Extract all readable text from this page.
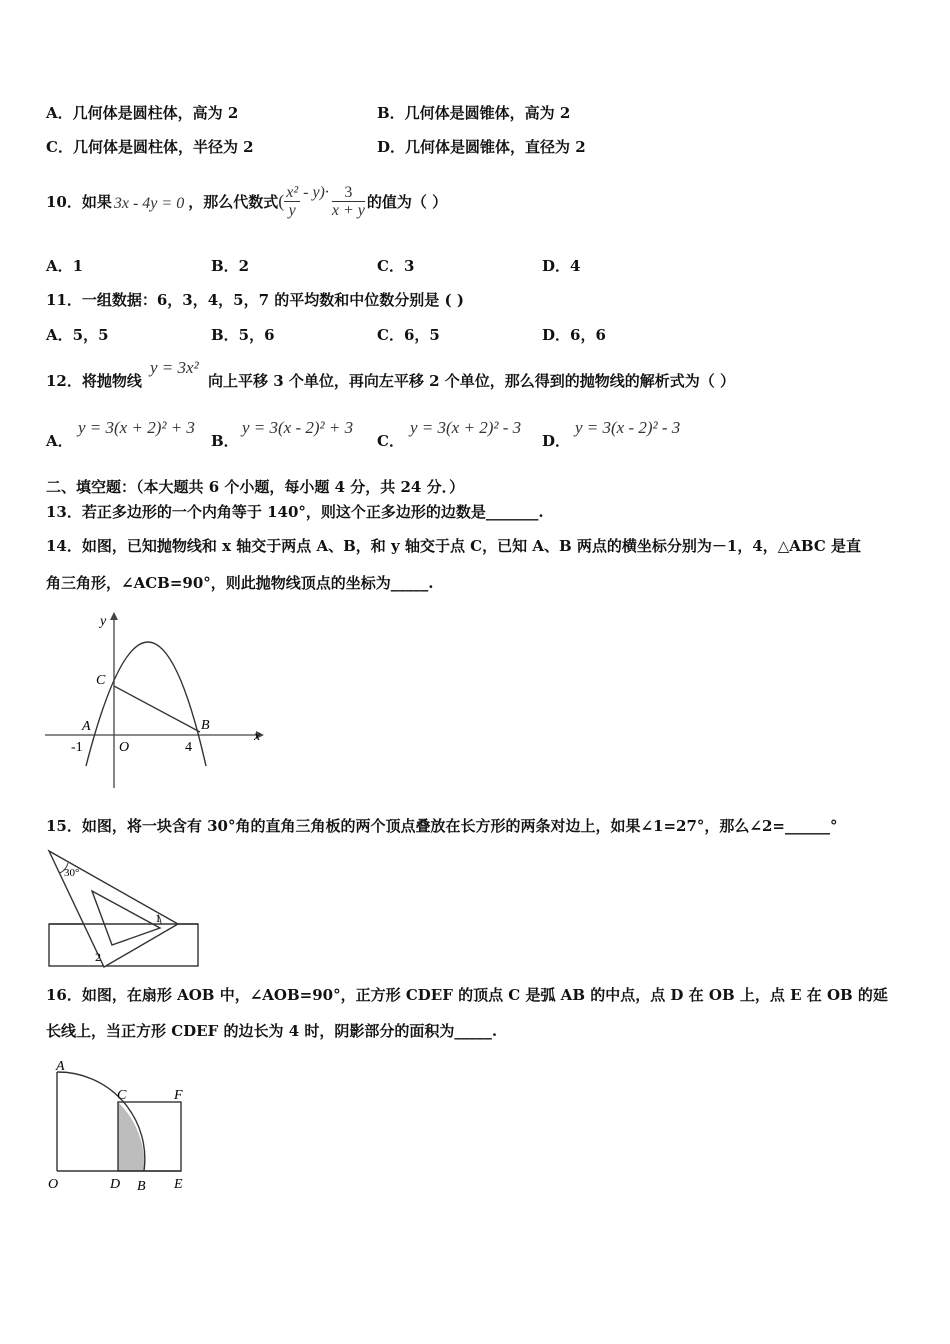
A．几何体是圆柱体，高为 2	B．几何体是圆锥体，高为 2
C．几何体是圆柱体，半径为 2	D．几何体是圆锥体，直径为 2
10．如果 3x - 4y = 0 ，那么代数式 ( $\frac{\text{x²}}{y} - y)\cdot \frac{3}{x + y}$ 的值为（ ）
A．1	B．2	C．3	D．4
11．一组数据：6，3，4，5，7 的平均数和中位数分别是 ( )
A．5，5	B．5，6	C．6，5	D．6，6
12．将抛物线
y = 3x²
向上平移 3 个单位，再向左平移 2 个单位，那么得到的抛物线的解析式为（ ）
A．
y = 3(x + 2)² + 3
B．
y = 3(x - 2)² + 3
C．
y = 3(x + 2)² - 3
D．
y = 3(x - 2)² - 3
二、填空题：（本大题共 6 个小题，每小题 4 分，共 24 分．）
13．若正多边形的一个内角等于 140°，则这个正多边形的边数是_______.
14．如图，已知抛物线和 x 轴交于两点 A、B，和 y 轴交于点 C，已知 A、B 两点的横坐标分别为－1，4，△ABC 是直
角三角形，∠ACB=90°，则此抛物线顶点的坐标为_____.
y
x
C
A	B
O
-1	4
15．如图，将一块含有 30°角的直角三角板的两个顶点叠放在长方形的两条对边上，如果∠1=27°，那么∠2=______°
30°
1
2
16．如图，在扇形 AOB 中，∠AOB=90°，正方形 CDEF 的顶点 C 是弧 AB 的中点，点 D 在 OB 上，点 E 在 OB 的延
长线上，当正方形 CDEF 的边长为 4 时，阴影部分的面积为_____.
A
C	F
O	D B E
